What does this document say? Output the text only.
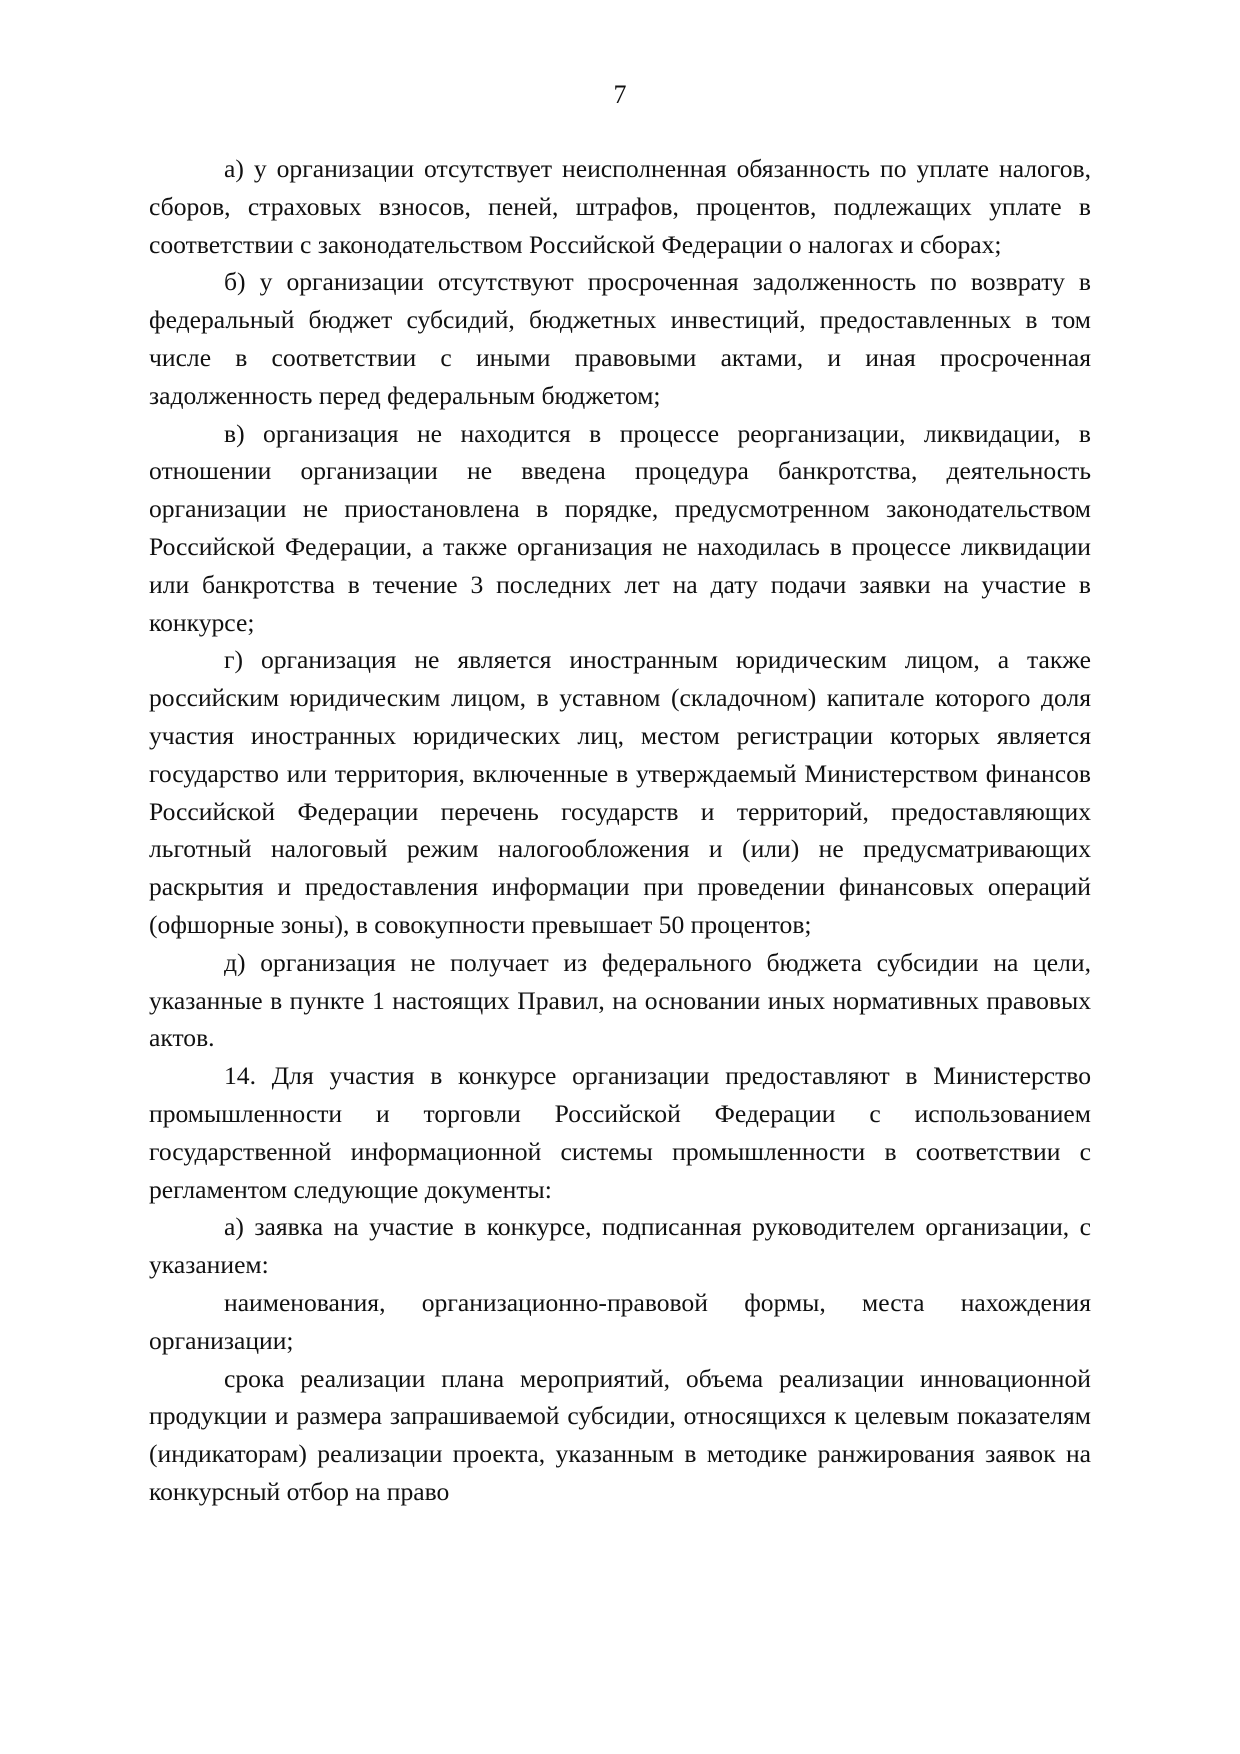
7

а) у организации отсутствует неисполненная обязанность по уплате налогов, сборов, страховых взносов, пеней, штрафов, процентов, подлежащих уплате в соответствии с законодательством Российской Федерации о налогах и сборах;

б) у организации отсутствуют просроченная задолженность по возврату в федеральный бюджет субсидий, бюджетных инвестиций, предоставленных в том числе в соответствии с иными правовыми актами, и иная просроченная задолженность перед федеральным бюджетом;

в) организация не находится в процессе реорганизации, ликвидации, в отношении организации не введена процедура банкротства, деятельность организации не приостановлена в порядке, предусмотренном законодательством Российской Федерации, а также организация не находилась в процессе ликвидации или банкротства в течение 3 последних лет на дату подачи заявки на участие в конкурсе;

г) организация не является иностранным юридическим лицом, а также российским юридическим лицом, в уставном (складочном) капитале которого доля участия иностранных юридических лиц, местом регистрации которых является государство или территория, включенные в утверждаемый Министерством финансов Российской Федерации перечень государств и территорий, предоставляющих льготный налоговый режим налогообложения и (или) не предусматривающих раскрытия и предоставления информации при проведении финансовых операций (офшорные зоны), в совокупности превышает 50 процентов;

д) организация не получает из федерального бюджета субсидии на цели, указанные в пункте 1 настоящих Правил, на основании иных нормативных правовых актов.

14. Для участия в конкурсе организации предоставляют в Министерство промышленности и торговли Российской Федерации с использованием государственной информационной системы промышленности в соответствии с регламентом следующие документы:

а) заявка на участие в конкурсе, подписанная руководителем организации, с указанием:

наименования, организационно-правовой формы, места нахождения организации;

срока реализации плана мероприятий, объема реализации инновационной продукции и размера запрашиваемой субсидии, относящихся к целевым показателям (индикаторам) реализации проекта, указанным в методике ранжирования заявок на конкурсный отбор на право
